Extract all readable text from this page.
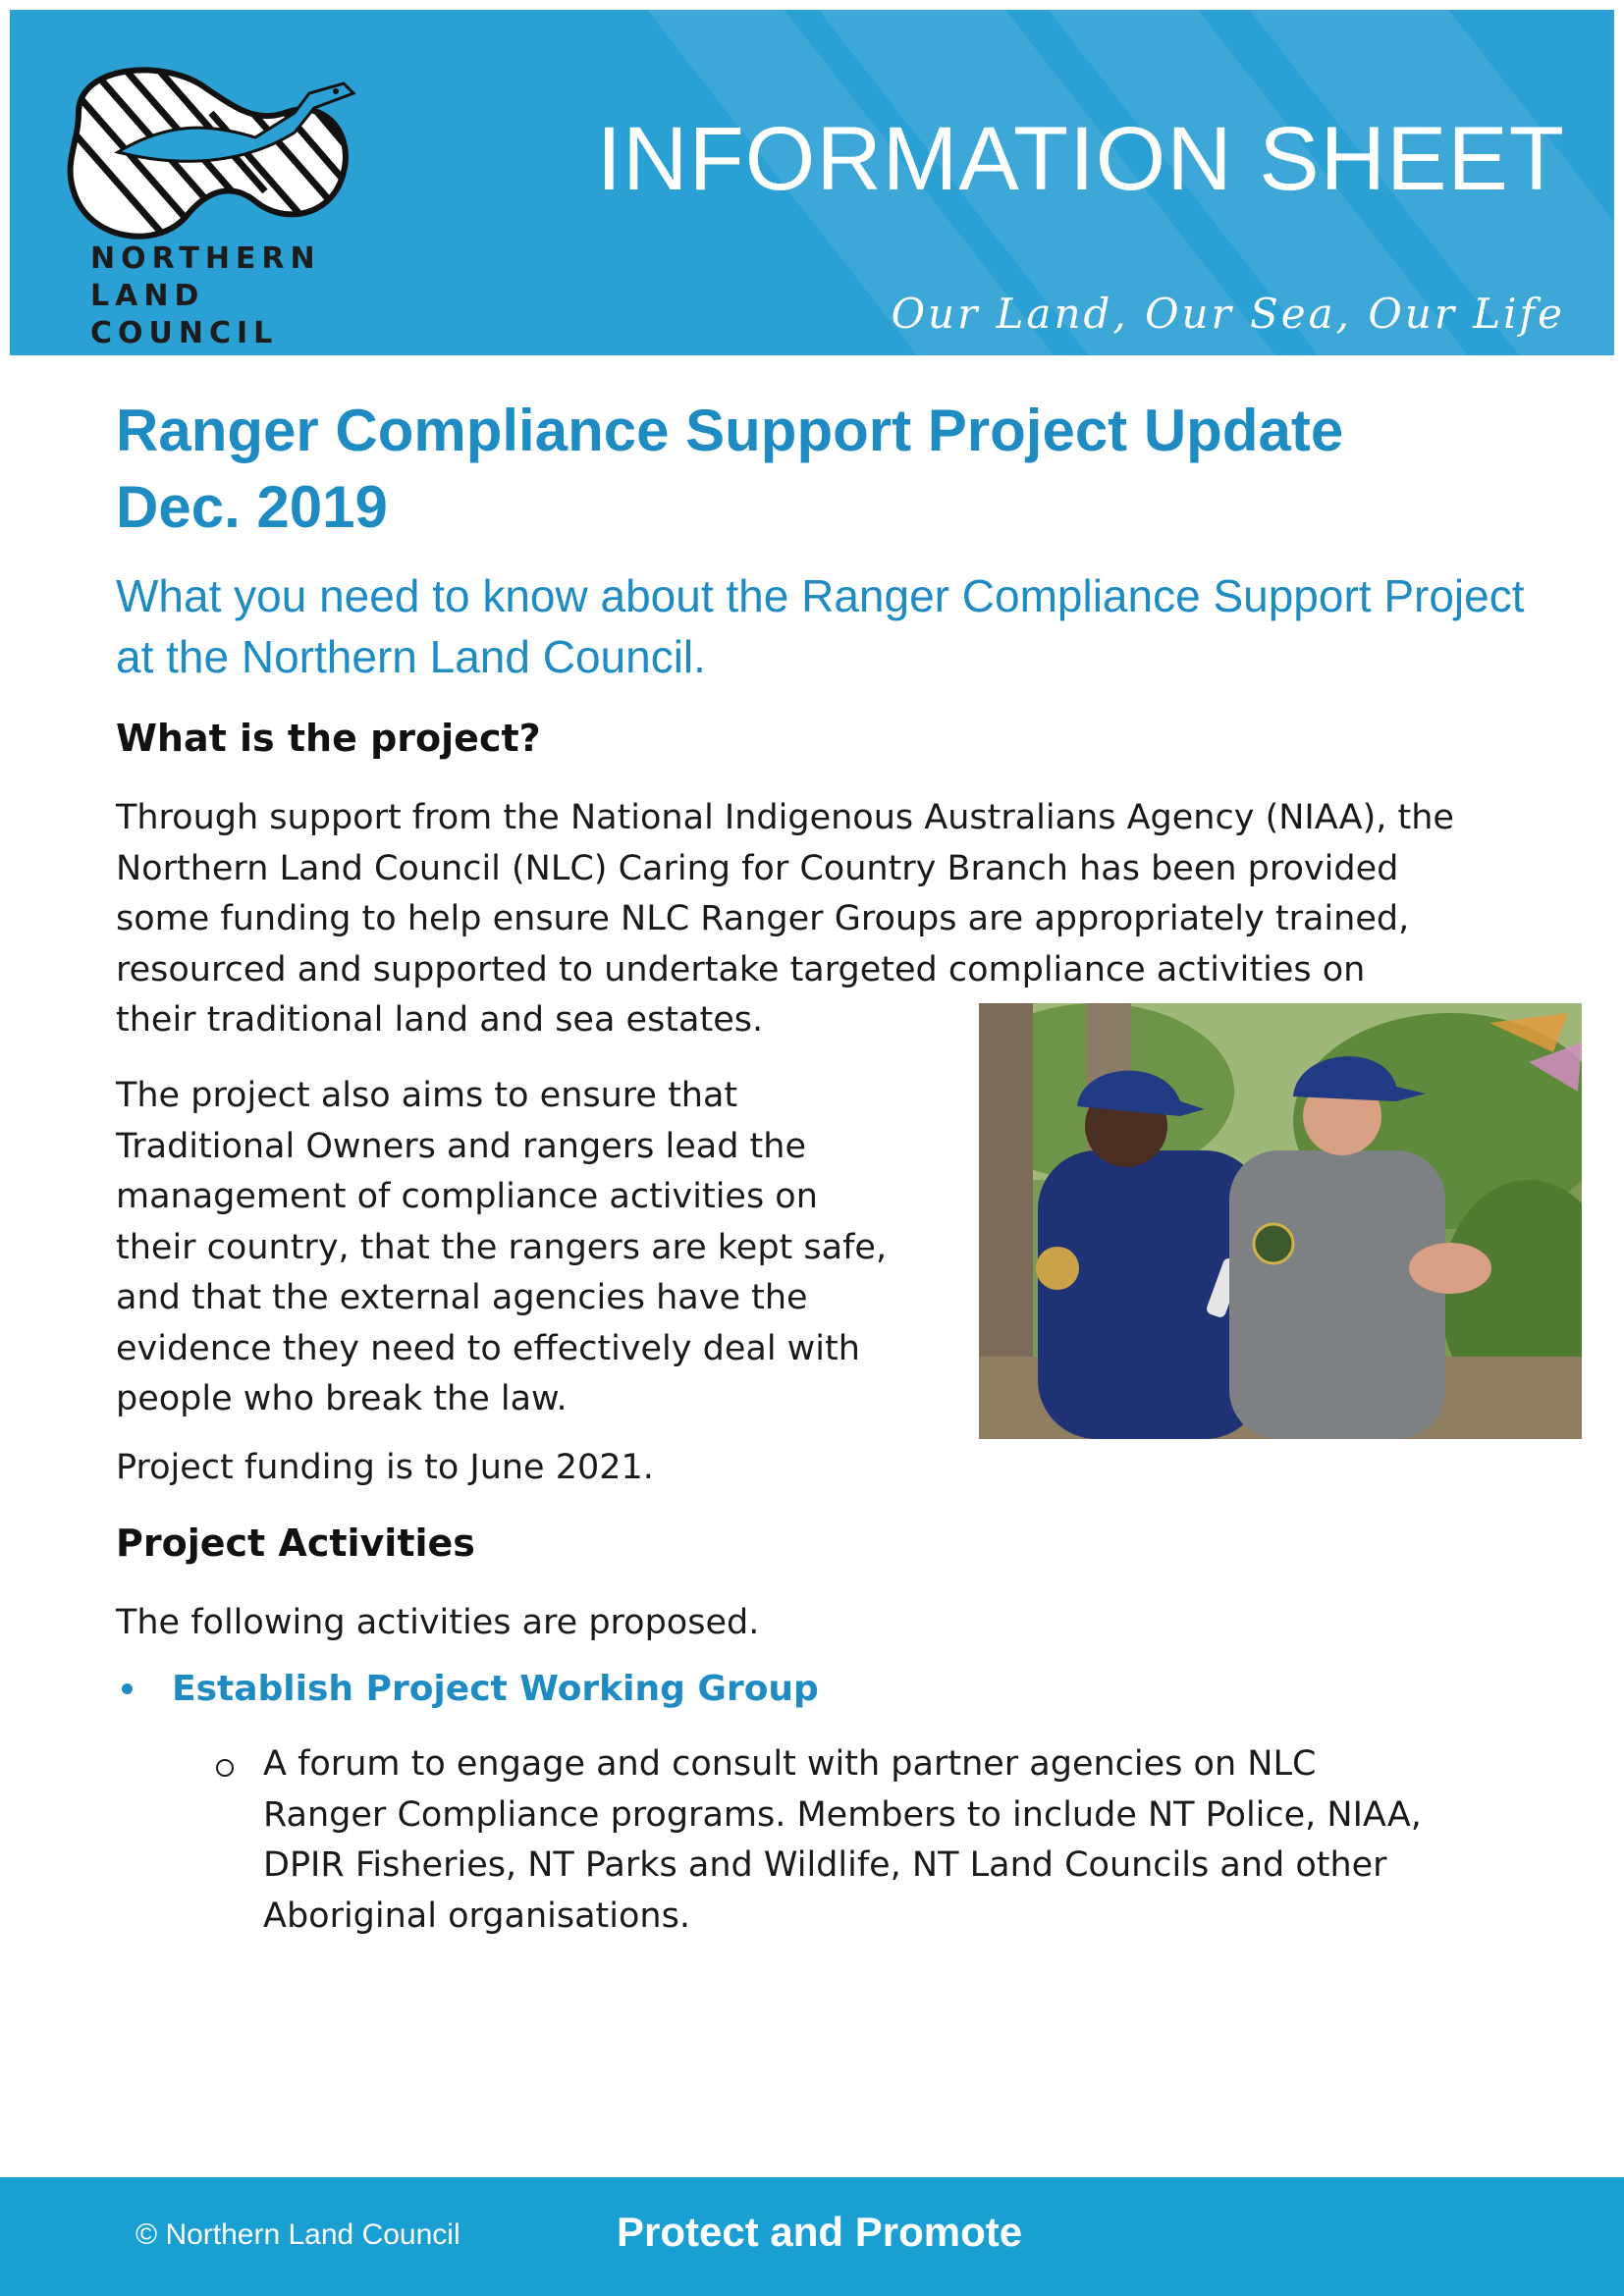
NORTHERN
LAND COUNCIL
INFORMATION SHEET
Our Land, Our Sea, Our Life
Ranger Compliance Support Project Update
Dec. 2019

What you need to know about the Ranger Compliance Support Project at the Northern Land Council.

What is the project?
Through support from the National Indigenous Australians Agency (NIAA), the
Northern Land Council (NLC) Caring for Country Branch has been provided
some funding to help ensure NLC Ranger Groups are appropriately trained,
resourced and supported to undertake targeted compliance activities on
their traditional land and sea estates.
The project also aims to ensure that
Traditional Owners and rangers lead the
management of compliance activities on
their country, that the rangers are kept safe,
and that the external agencies have the
evidence they need to effectively deal with
people who break the law.
Project funding is to June 2021.
Project Activities
The following activities are proposed.
Establish Project Working Group
A forum to engage and consult with partner agencies on NLC
Ranger Compliance programs. Members to include NT Police, NIAA,
DPIR Fisheries, NT Parks and Wildlife, NT Land Councils and other
Aboriginal organisations.
© Northern Land Council	Protect and Promote
